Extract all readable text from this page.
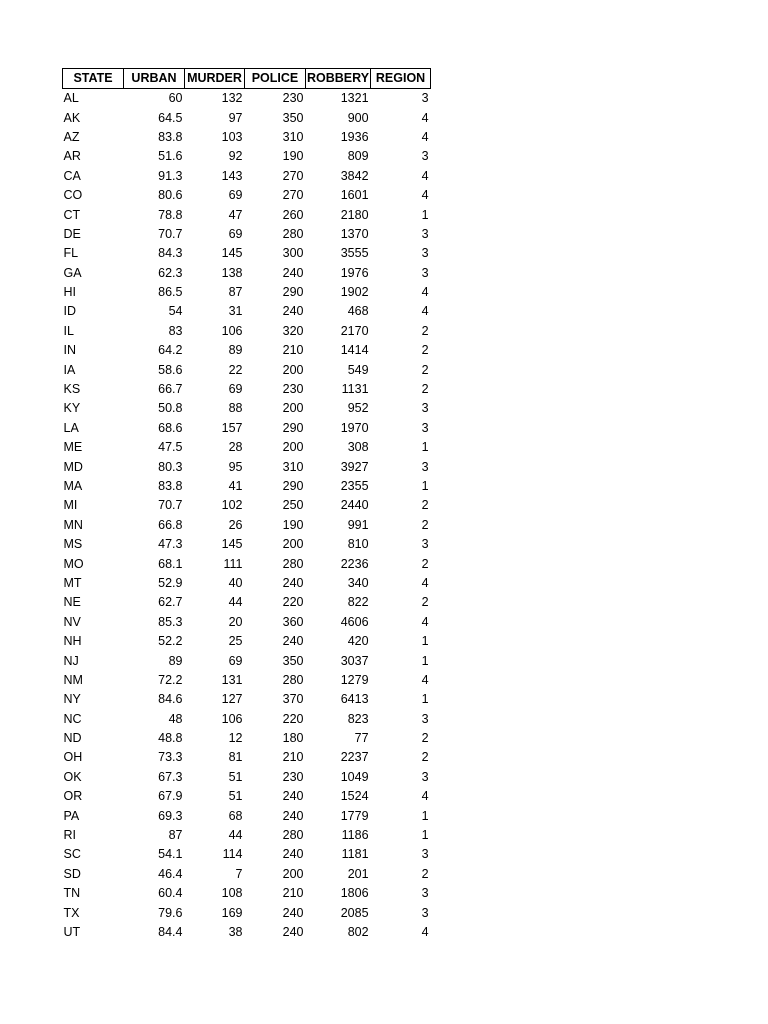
STATE	URBAN	MURDER	POLICE	ROBBERY	REGION
AL	60	132	230	1321	3
AK	64.5	97	350	900	4
AZ	83.8	103	310	1936	4
AR	51.6	92	190	809	3
CA	91.3	143	270	3842	4
CO	80.6	69	270	1601	4
CT	78.8	47	260	2180	1
DE	70.7	69	280	1370	3
FL	84.3	145	300	3555	3
GA	62.3	138	240	1976	3
HI	86.5	87	290	1902	4
ID	54	31	240	468	4
IL	83	106	320	2170	2
IN	64.2	89	210	1414	2
IA	58.6	22	200	549	2
KS	66.7	69	230	1131	2
KY	50.8	88	200	952	3
LA	68.6	157	290	1970	3
ME	47.5	28	200	308	1
MD	80.3	95	310	3927	3
MA	83.8	41	290	2355	1
MI	70.7	102	250	2440	2
MN	66.8	26	190	991	2
MS	47.3	145	200	810	3
MO	68.1	111	280	2236	2
MT	52.9	40	240	340	4
NE	62.7	44	220	822	2
NV	85.3	20	360	4606	4
NH	52.2	25	240	420	1
NJ	89	69	350	3037	1
NM	72.2	131	280	1279	4
NY	84.6	127	370	6413	1
NC	48	106	220	823	3
ND	48.8	12	180	77	2
OH	73.3	81	210	2237	2
OK	67.3	51	230	1049	3
OR	67.9	51	240	1524	4
PA	69.3	68	240	1779	1
RI	87	44	280	1186	1
SC	54.1	114	240	1181	3
SD	46.4	7	200	201	2
TN	60.4	108	210	1806	3
TX	79.6	169	240	2085	3
UT	84.4	38	240	802	4
